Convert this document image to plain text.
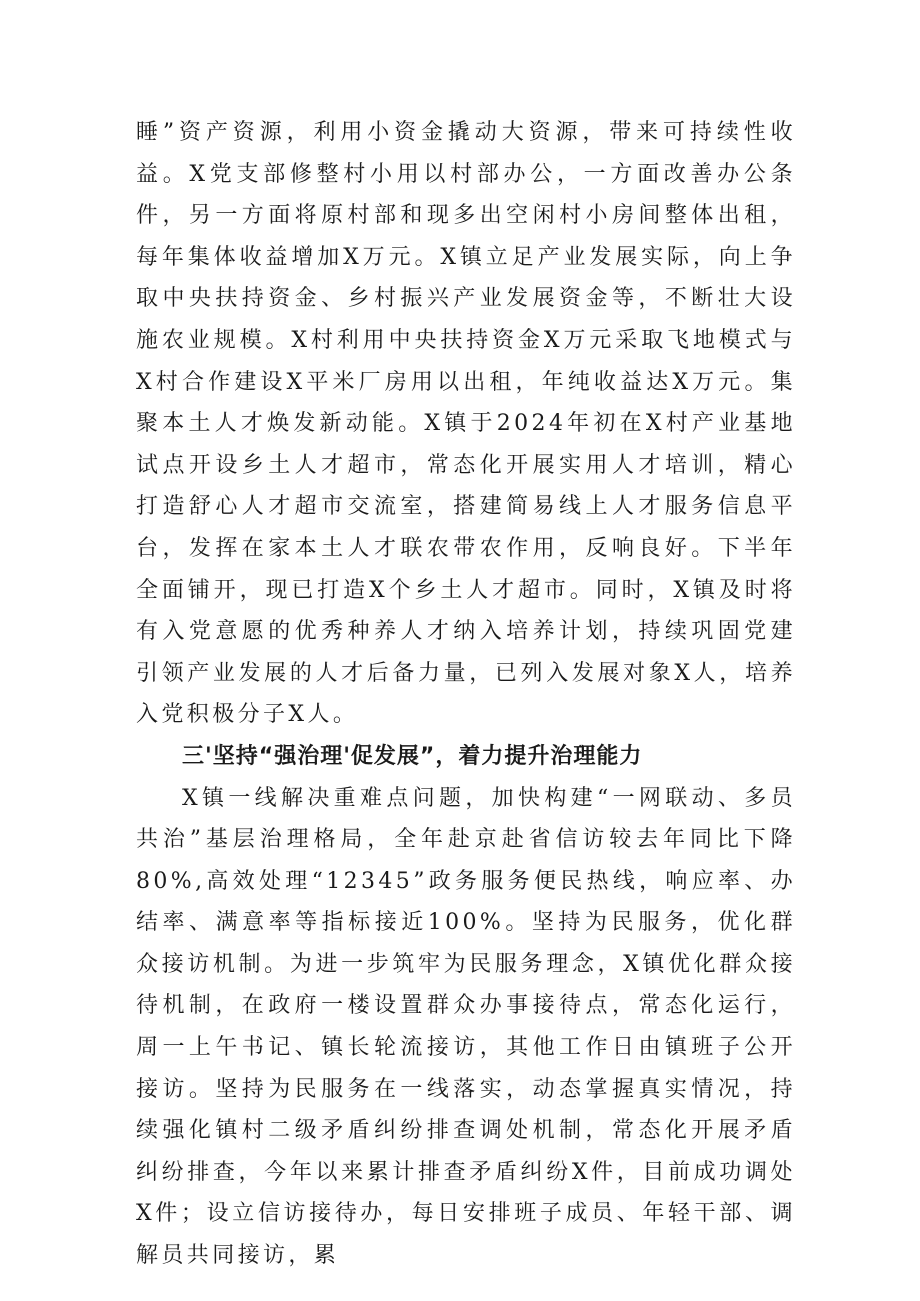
睡”资产资源，利用小资金撬动大资源，带来可持续性收益。X党支部修整村小用以村部办公，一方面改善办公条件，另一方面将原村部和现多出空闲村小房间整体出租，每年集体收益增加X万元。X镇立足产业发展实际，向上争取中央扶持资金、乡村振兴产业发展资金等，不断壮大设施农业规模。X村利用中央扶持资金X万元采取飞地模式与X村合作建设X平米厂房用以出租，年纯收益达X万元。集聚本土人才焕发新动能。X镇于2024年初在X村产业基地试点开设乡土人才超市，常态化开展实用人才培训，精心打造舒心人才超市交流室，搭建简易线上人才服务信息平台，发挥在家本土人才联农带农作用，反响良好。下半年全面铺开，现已打造X个乡土人才超市。同时，X镇及时将有入党意愿的优秀种养人才纳入培养计划，持续巩固党建引领产业发展的人才后备力量，已列入发展对象X人，培养入党积极分子X人。

三'坚持“强治理'促发展”，着力提升治理能力

X镇一线解决重难点问题，加快构建“一网联动、多员共治”基层治理格局，全年赴京赴省信访较去年同比下降80%,高效处理“12345”政务服务便民热线，响应率、办结率、满意率等指标接近100%。坚持为民服务，优化群众接访机制。为进一步筑牢为民服务理念，X镇优化群众接待机制，在政府一楼设置群众办事接待点，常态化运行，周一上午书记、镇长轮流接访，其他工作日由镇班子公开接访。坚持为民服务在一线落实，动态掌握真实情况，持续强化镇村二级矛盾纠纷排查调处机制，常态化开展矛盾纠纷排查，今年以来累计排查矛盾纠纷X件，目前成功调处X件；设立信访接待办，每日安排班子成员、年轻干部、调解员共同接访，累
